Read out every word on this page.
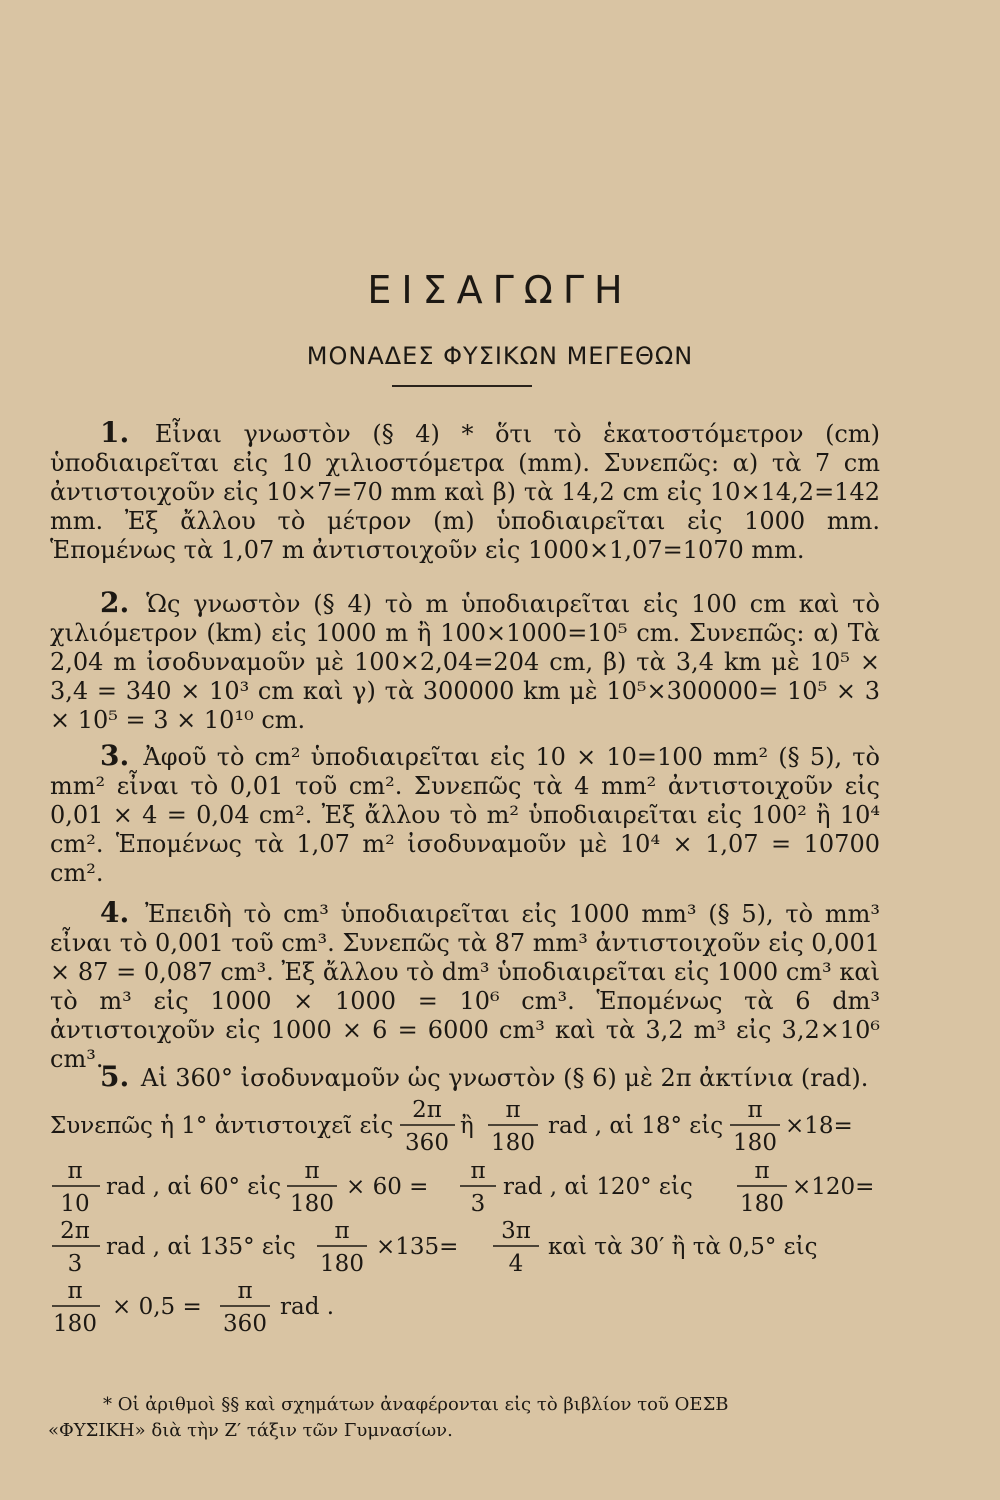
ΕΙΣΑΓΩΓΗ
ΜΟΝΑΔΕΣ ΦΥΣΙΚΩΝ ΜΕΓΕΘΩΝ
1. Εἶναι γνωστὸν (§ 4) * ὅτι τὸ ἑκατοστόμετρον (cm) ὑποδιαιρεῖται εἰς 10 χιλιοστόμετρα (mm). Συνεπῶς: α) τὰ 7 cm ἀντιστοιχοῦν εἰς 10×7=70 mm καὶ β) τὰ 14,2 cm εἰς 10×14,2=142 mm. Ἐξ ἄλλου τὸ μέτρον (m) ὑποδιαιρεῖται εἰς 1000 mm. Ἑπομένως τὰ 1,07 m ἀντιστοιχοῦν εἰς 1000×1,07=1070 mm.
2. Ὡς γνωστὸν (§ 4) τὸ m ὑποδιαιρεῖται εἰς 100 cm καὶ τὸ χιλιόμετρον (km) εἰς 1000 m ἢ 100×1000=10⁵ cm. Συνεπῶς: α) Τὰ 2,04 m ἰσοδυναμοῦν μὲ 100×2,04=204 cm, β) τὰ 3,4 km μὲ 10⁵ × 3,4 = 340 × 10³ cm καὶ γ) τὰ 300000 km μὲ 10⁵×300000= 10⁵ × 3 × 10⁵ = 3 × 10¹⁰ cm.
3. Ἀφοῦ τὸ cm² ὑποδιαιρεῖται εἰς 10 × 10=100 mm² (§ 5), τὸ mm² εἶναι τὸ 0,01 τοῦ cm². Συνεπῶς τὰ 4 mm² ἀντιστοιχοῦν εἰς 0,01 × 4 = 0,04 cm². Ἐξ ἄλλου τὸ m² ὑποδιαιρεῖται εἰς 100² ἢ 10⁴ cm². Ἑπομένως τὰ 1,07 m² ἰσοδυναμοῦν μὲ 10⁴ × 1,07 = 10700 cm².
4. Ἐπειδὴ τὸ cm³ ὑποδιαιρεῖται εἰς 1000 mm³ (§ 5), τὸ mm³ εἶναι τὸ 0,001 τοῦ cm³. Συνεπῶς τὰ 87 mm³ ἀντιστοιχοῦν εἰς 0,001 × 87 = 0,087 cm³. Ἐξ ἄλλου τὸ dm³ ὑποδιαιρεῖται εἰς 1000 cm³ καὶ τὸ m³ εἰς 1000 × 1000 = 10⁶ cm³. Ἑπομένως τὰ 6 dm³ ἀντιστοιχοῦν εἰς 1000 × 6 = 6000 cm³ καὶ τὰ 3,2 m³ εἰς 3,2×10⁶ cm³.
5. Αἱ 360° ἰσοδυναμοῦν ὡς γνωστὸν (§ 6) μὲ 2π ἀκτίνια (rad).
Συνεπῶς ἡ 1° ἀντιστοιχεῖ εἰς
2π
360
ἢ
π
180
rad , αἱ 18° εἰς
π
180
×18=
π
10
rad , αἱ 60° εἰς
π
180
× 60 =
π
3
rad , αἱ 120° εἰς
π
180
×120=
2π
3
rad , αἱ 135° εἰς
π
180
×135=
3π
4
καὶ τὰ 30′ ἢ τὰ 0,5° εἰς
π
180
× 0,5 =
π
360
rad .
* Οἱ ἀριθμοὶ §§ καὶ σχημάτων ἀναφέρονται εἰς τὸ βιβλίον τοῦ ΟΕΣΒ
«ΦΥΣΙΚΗ» διὰ τὴν Ζ′ τάξιν τῶν Γυμνασίων.
